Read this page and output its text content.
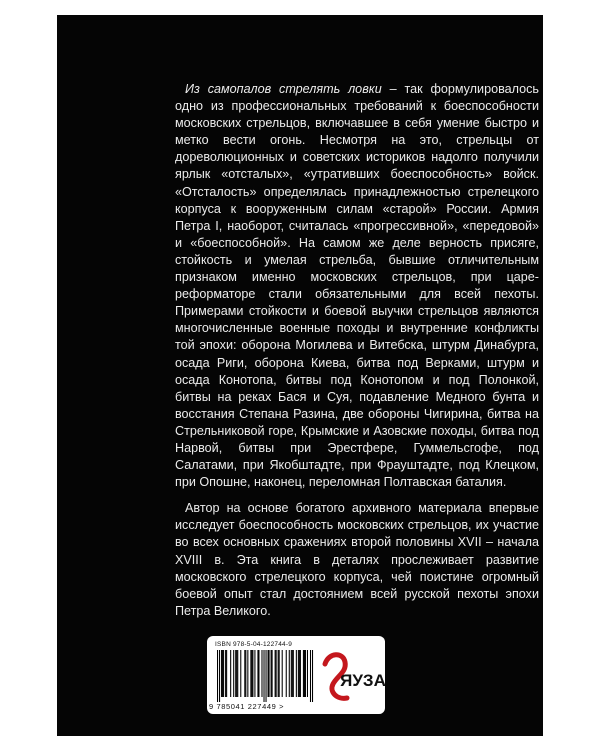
Из самопалов стрелять ловки – так формулировалось одно из профессиональных требований к боеспособности московских стрельцов, включавшее в себя умение быстро и метко вести огонь. Несмотря на это, стрельцы от дореволюционных и советских историков надолго получили ярлык «отсталых», «утративших боеспособность» войск. «Отсталость» определялась принадлежностью стрелецкого корпуса к вооруженным силам «старой» России. Армия Петра I, наоборот, считалась «прогрессивной», «передовой» и «боеспособной». На самом же деле верность присяге, стойкость и умелая стрельба, бывшие отличительным признаком именно московских стрельцов, при царе-реформаторе стали обязательными для всей пехоты. Примерами стойкости и боевой выучки стрельцов являются многочисленные военные походы и внутренние конфликты той эпохи: оборона Могилева и Витебска, штурм Динабурга, осада Риги, оборона Киева, битва под Верками, штурм и осада Конотопа, битвы под Конотопом и под Полонкой, битвы на реках Бася и Суя, подавление Медного бунта и восстания Степана Разина, две обороны Чигирина, битва на Стрельниковой горе, Крымские и Азовские походы, битва под Нарвой, битвы при Эрестфере, Гуммельсгофе, под Салатами, при Якобштадте, при Фрауштадте, под Клецком, при Опошне, наконец, переломная Полтавская баталия.

Автор на основе богатого архивного материала впервые исследует боеспособность московских стрельцов, их участие во всех основных сражениях второй половины XVII – начала XVIII в. Эта книга в деталях прослеживает развитие московского стрелецкого корпуса, чей поистине огромный боевой опыт стал достоянием всей русской пехоты эпохи Петра Великого.

ISBN 978-5-04-122744-9
9 785041 227449 >
ЯУЗА
